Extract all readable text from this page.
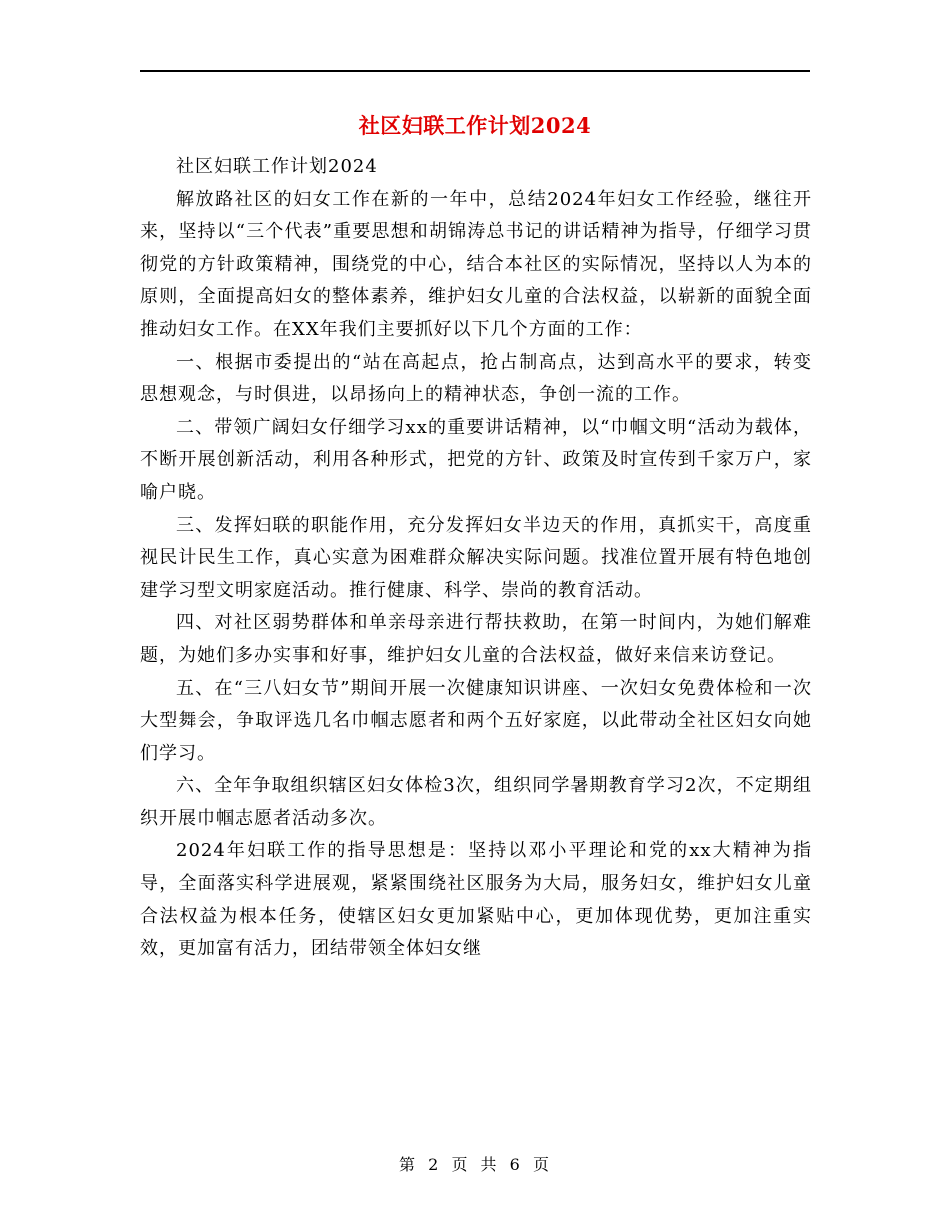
社区妇联工作计划2024

社区妇联工作计划2024

解放路社区的妇女工作在新的一年中，总结2024年妇女工作经验，继往开来，坚持以“三个代表”重要思想和胡锦涛总书记的讲话精神为指导，仔细学习贯彻党的方针政策精神，围绕党的中心，结合本社区的实际情况，坚持以人为本的原则，全面提高妇女的整体素养，维护妇女儿童的合法权益，以崭新的面貌全面推动妇女工作。在XX年我们主要抓好以下几个方面的工作：

一、根据市委提出的“站在高起点，抢占制高点，达到高水平的要求，转变思想观念，与时俱进，以昂扬向上的精神状态，争创一流的工作。

二、带领广阔妇女仔细学习xx的重要讲话精神，以“巾帼文明“活动为载体，不断开展创新活动，利用各种形式，把党的方针、政策及时宣传到千家万户，家喻户晓。

三、发挥妇联的职能作用，充分发挥妇女半边天的作用，真抓实干，高度重视民计民生工作，真心实意为困难群众解决实际问题。找准位置开展有特色地创建学习型文明家庭活动。推行健康、科学、崇尚的教育活动。

四、对社区弱势群体和单亲母亲进行帮扶救助，在第一时间内，为她们解难题，为她们多办实事和好事，维护妇女儿童的合法权益，做好来信来访登记。

五、在“三八妇女节”期间开展一次健康知识讲座、一次妇女免费体检和一次大型舞会，争取评选几名巾帼志愿者和两个五好家庭，以此带动全社区妇女向她们学习。

六、全年争取组织辖区妇女体检3次，组织同学暑期教育学习2次，不定期组织开展巾帼志愿者活动多次。

2024年妇联工作的指导思想是：坚持以邓小平理论和党的xx大精神为指导，全面落实科学进展观，紧紧围绕社区服务为大局，服务妇女，维护妇女儿童合法权益为根本任务，使辖区妇女更加紧贴中心，更加体现优势，更加注重实效，更加富有活力，团结带领全体妇女继

第 2 页 共 6 页
